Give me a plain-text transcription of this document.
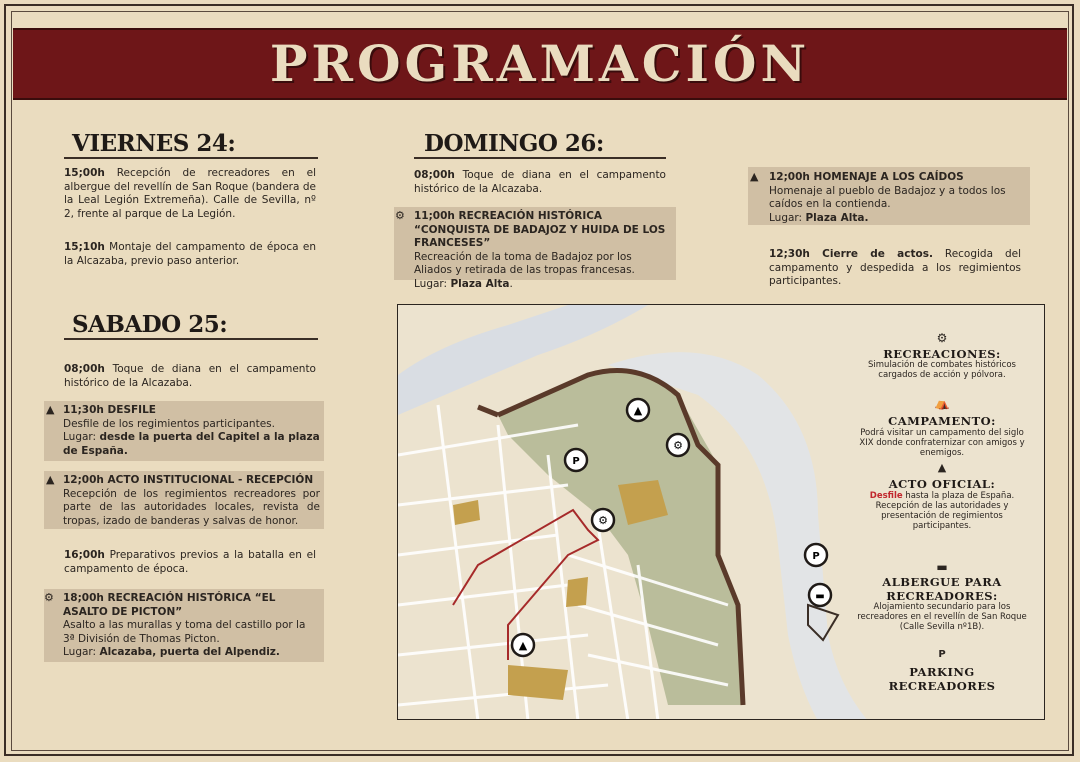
PROGRAMACIÓN
VIERNES 24:
15;00h Recepción de recreadores en el albergue del revellín de San Roque (bandera de la Leal Legión Extremeña). Calle de Sevilla, nº 2, frente al parque de La Legión.
15;10h Montaje del campamento de época en la Alcazaba, previo paso anterior.
SABADO 25:
08;00h Toque de diana en el campamento histórico de la Alcazaba.
▲ 11;30h DESFILE
Desfile de los regimientos participantes.
Lugar: desde la puerta del Capitel a la plaza de España.
▲ 12;00h ACTO INSTITUCIONAL - RECEPCIÓN
Recepción de los regimientos recreadores por parte de las autoridades locales, revista de tropas, izado de banderas y salvas de honor.
16;00h Preparativos previos a la batalla en el campamento de época.
⚙ 18;00h RECREACIÓN HISTÓRICA “EL ASALTO DE PICTON”
Asalto a las murallas y toma del castillo por la 3ª División de Thomas Picton.
Lugar: Alcazaba, puerta del Alpendiz.
DOMINGO 26:
08;00h Toque de diana en el campamento histórico de la Alcazaba.
⚙ 11;00h RECREACIÓN HISTÓRICA “CONQUISTA DE BADAJOZ Y HUIDA DE LOS FRANCESES”
Recreación de la toma de Badajoz por los Aliados y retirada de las tropas francesas.
Lugar: Plaza Alta.
▲ 12;00h HOMENAJE A LOS CAÍDOS
Homenaje al pueblo de Badajoz y a todos los caídos en la contienda.
Lugar: Plaza Alta.
12;30h Cierre de actos. Recogida del campamento y despedida a los regimientos participantes.
▲
⚙
P
⚙
▲
P
▬
⚙
RECREACIONES:
Simulación de combates históricos cargados de acción y pólvora.
⛺
CAMPAMENTO:
Podrá visitar un campamento del siglo XIX donde confraternizar con amigos y enemigos.
▲
ACTO OFICIAL:
Desfile hasta la plaza de España. Recepción de las autoridades y presentación de regimientos participantes.
▬
ALBERGUE PARA RECREADORES:
Alojamiento secundario para los recreadores en el revellín de San Roque (Calle Sevilla nº1B).
P
PARKING RECREADORES
